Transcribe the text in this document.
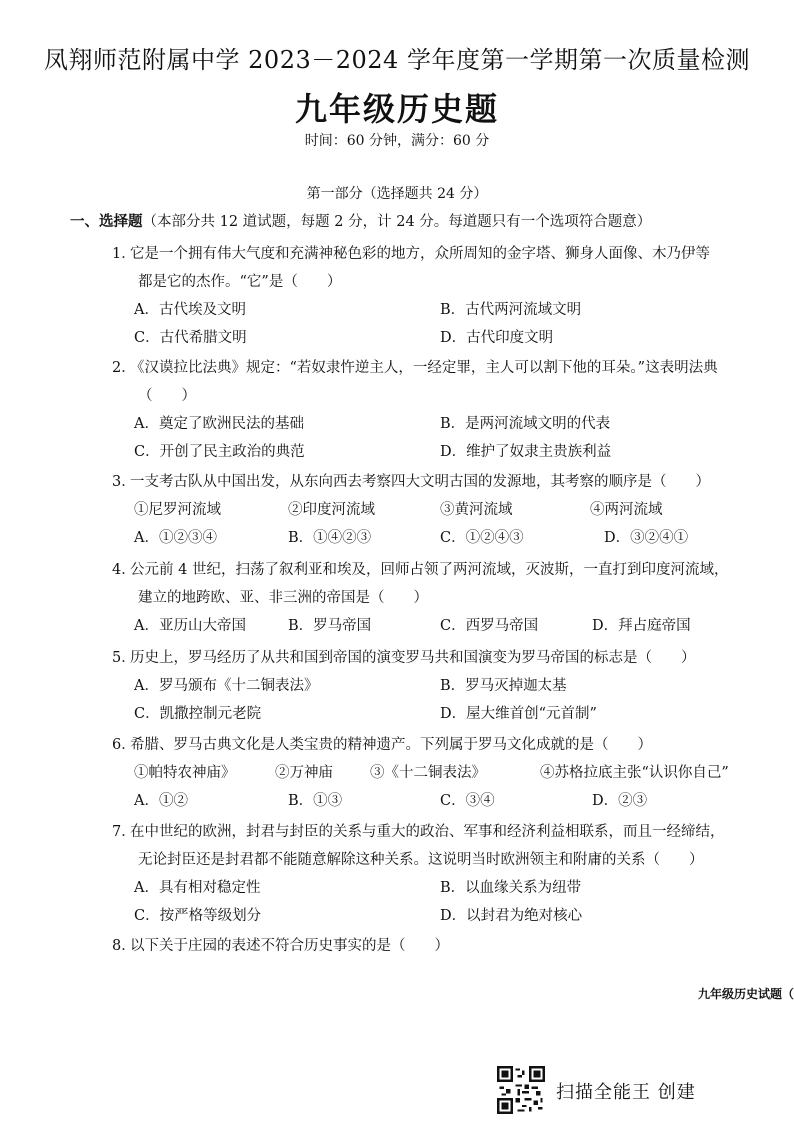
凤翔师范附属中学 2023－2024 学年度第一学期第一次质量检测
九年级历史题
时间：60 分钟，满分：60 分
第一部分（选择题共 24 分）
一、选择题（本部分共 12 道试题，每题 2 分，计 24 分。每道题只有一个选项符合题意）
1．它是一个拥有伟大气度和充满神秘色彩的地方，众所周知的金字塔、狮身人面像、木乃伊等
都是它的杰作。“它”是（　　）
A．古代埃及文明	B．古代两河流域文明
C．古代希腊文明	D．古代印度文明
2．《汉谟拉比法典》规定：“若奴隶忤逆主人，一经定罪，主人可以割下他的耳朵。”这表明法典
（　　）
A．奠定了欧洲民法的基础	B．是两河流域文明的代表
C．开创了民主政治的典范	D．维护了奴隶主贵族利益
3．一支考古队从中国出发，从东向西去考察四大文明古国的发源地，其考察的顺序是（　　）
①尼罗河流域	②印度河流域	③黄河流域	④两河流域
A．①②③④	B．①④②③	C．①②④③	D．③②④①
4．公元前 4 世纪，扫荡了叙利亚和埃及，回师占领了两河流域，灭波斯，一直打到印度河流域，
建立的地跨欧、亚、非三洲的帝国是（　　）
A．亚历山大帝国	B．罗马帝国	C．西罗马帝国	D．拜占庭帝国
5．历史上，罗马经历了从共和国到帝国的演变罗马共和国演变为罗马帝国的标志是（　　）
A．罗马颁布《十二铜表法》	B．罗马灭掉迦太基
C．凯撒控制元老院	D．屋大维首创“元首制”
6．希腊、罗马古典文化是人类宝贵的精神遗产。下列属于罗马文化成就的是（　　）
①帕特农神庙》	②万神庙	③《十二铜表法》	④苏格拉底主张“认识你自己”
A．①②	B．①③	C．③④	D．②③
7．在中世纪的欧洲，封君与封臣的关系与重大的政治、军事和经济利益相联系，而且一经缔结，
无论封臣还是封君都不能随意解除这种关系。这说明当时欧洲领主和附庸的关系（　　）
A．具有相对稳定性	B．以血缘关系为纽带
C．按严格等级划分	D．以封君为绝对核心
8．以下关于庄园的表述不符合历史事实的是（　　）
九年级历史试题（
扫描全能王 创建
